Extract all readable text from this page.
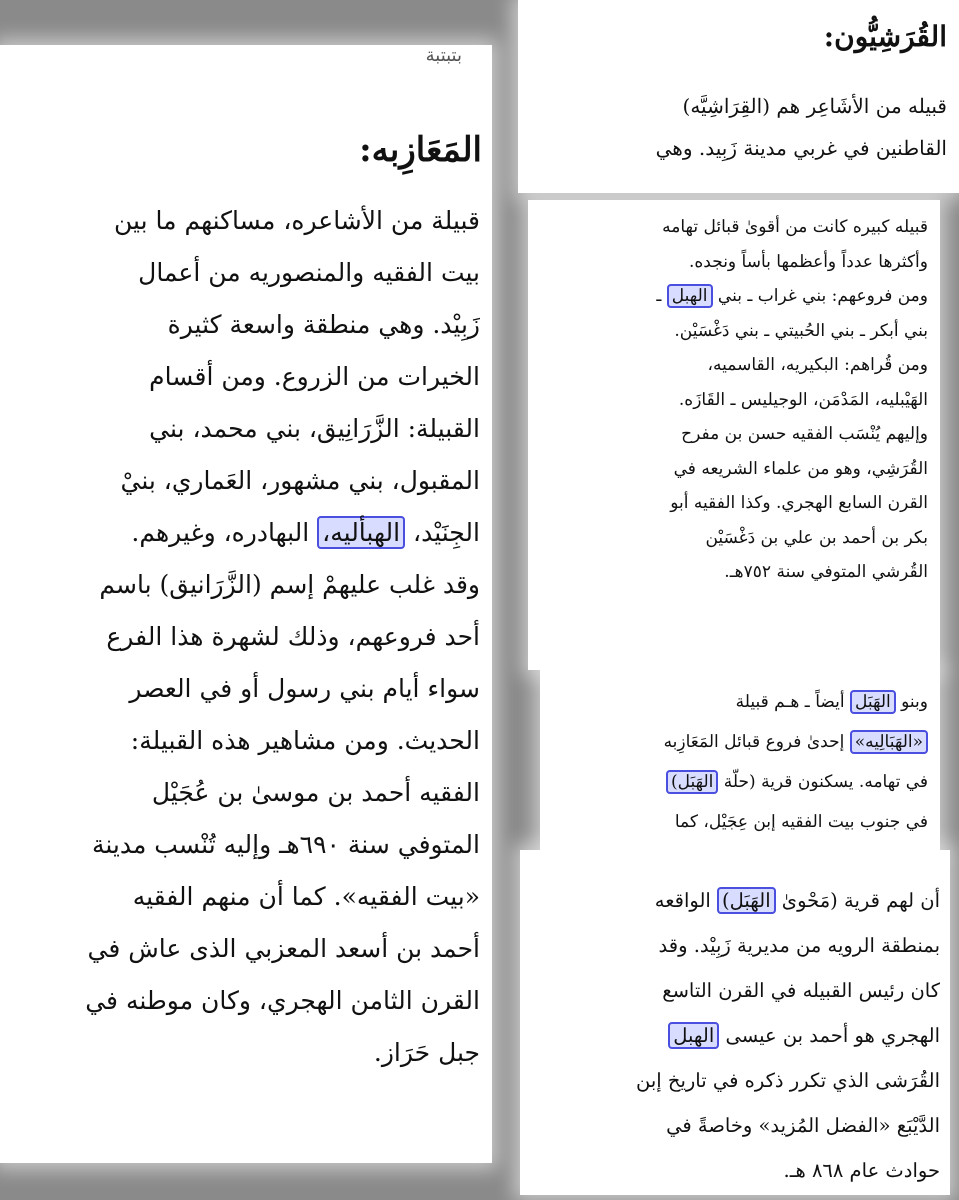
ﺑﺘﺒﺘﺒﺔ
المَعَازِبه:
قبيلة من الأشاعره، مساكنهم ما بين
بيت الفقيه والمنصوريه من أعمال
زَبِيْد. وهي منطقة واسعة كثيرة
الخيرات من الزروع. ومن أقسام
القبيلة: الزَّرَانِيق، بني محمد، بني
المقبول، بني مشهور، العَماري، بنيْ
الجِنَيْد، الهبأليه، البهادره، وغيرهم.
وقد غلب عليهمْ إسم (الزَّرَانيق) باسم
أحد فروعهم، وذلك لشهرة هذا الفرع
سواء أيام بني رسول أو في العصر
الحديث. ومن مشاهير هذه القبيلة:
الفقيه أحمد بن موسىٰ بن عُجَيْل
المتوفي سنة ٦٩٠هـ وإليه تُنْسب مدينة
«بيت الفقيه». كما أن منهم الفقيه
أحمد بن أسعد المعزبي الذى عاش في
القرن الثامن الهجري، وكان موطنه في
جبل حَرَاز.
القُرَشِيُّون:
قبيله من الأشَاعِر هم (القِرَاشِيَّه)
القاطنين في غربي مدينة زَبِيد. وهي
قبيله كبيره كانت من أقوىٰ قبائل تهامه
وأكثرها عدداً وأعظمها بأساً ونجده.
ومن فروعهم: بني غراب ـ بني الهبل ـ
بني أبكر ـ بني الحُبيتي ـ بني دَغْسَيْن.
ومن قُراهم: البكيريه، القاسميه،
الهَيْبليه، المَدْمَن، الوجيليس ـ القَازَه.
وإليهم يُنْسَب الفقيه حسن بن مفرح
القُرَشِي، وهو من علماء الشريعه في
القرن السابع الهجري. وكذا الفقيه أبو
بكر بن أحمد بن علي بن دَغْسَيْن
القُرشي المتوفي سنة ٧٥٢هـ.
وبنو الهَبَل أيضاً ـ هـم قبيلة
«الهَبَالِيه» إحدىٰ فروع قبائل المَعَازِبه
في تهامه. يسكنون قرية (حلّة الهَبَل)
في جنوب بيت الفقيه إبن عِجَيْل، كما
أن لهم قرية (مَحْوىٰ الهَبَل) الواقعه
بمنطقة الرويه من مديرية زَبِيْد. وقد
كان رئيس القبيله في القرن التاسع
الهجري هو أحمد بن عيسى الهبل
القُرَشى الذي تكرر ذكره في تاريخ إبن
الدَّيْبَع «الفضل المُزيد» وخاصةً في
حوادث عام ٨٦٨ هـ.
